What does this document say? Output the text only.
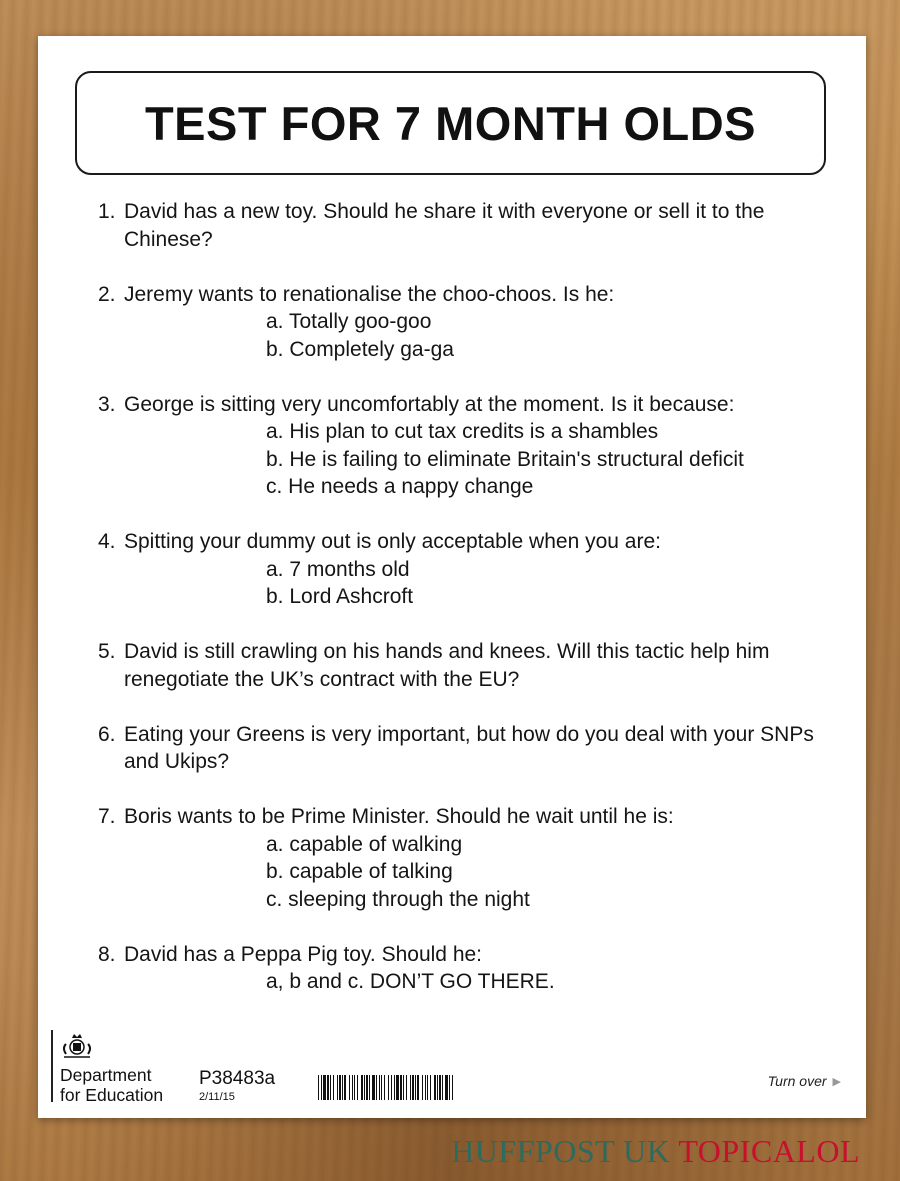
TEST FOR 7 MONTH OLDS
1. David has a new toy. Should he share it with everyone or sell it to the Chinese?
2. Jeremy wants to renationalise the choo-choos. Is he:
a. Totally goo-goo
b. Completely ga-ga
3. George is sitting very uncomfortably at the moment. Is it because:
a. His plan to cut tax credits is a shambles
b. He is failing to eliminate Britain's structural deficit
c. He needs a nappy change
4. Spitting your dummy out is only acceptable when you are:
a. 7 months old
b. Lord Ashcroft
5. David is still crawling on his hands and knees. Will this tactic help him renegotiate the UK’s contract with the EU?
6. Eating your Greens is very important, but how do you deal with your SNPs and Ukips?
7. Boris wants to be Prime Minister. Should he wait until he is:
a. capable of walking
b. capable of talking
c. sleeping through the night
8. David has a Peppa Pig toy. Should he:
a, b and c. DON’T GO THERE.
Department
for Education
P38483a
2/11/15
Turn over ▶
HUFFPOST UK TOPICALOL
